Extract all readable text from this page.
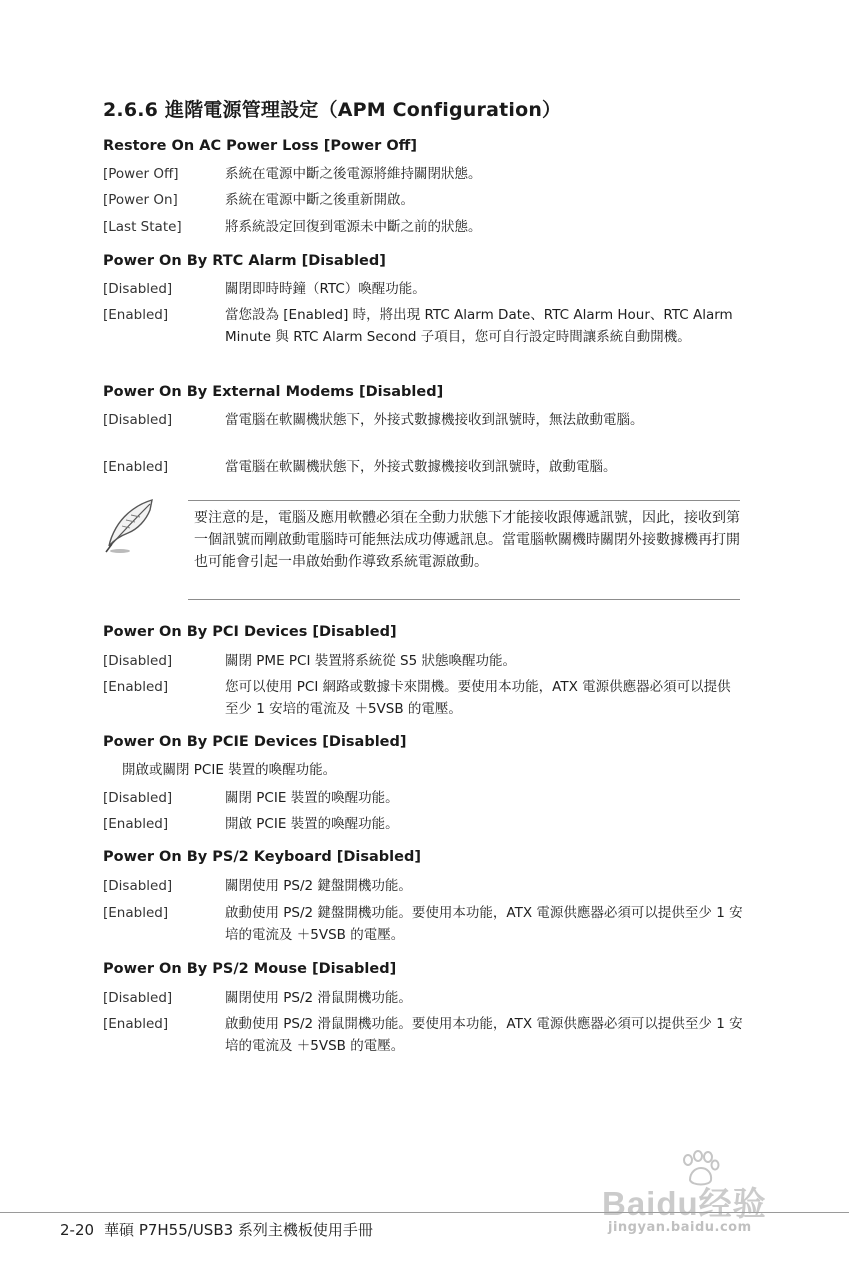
2.6.6 進階電源管理設定（APM Configuration）
Restore On AC Power Loss [Power Off]
[Power Off]	系統在電源中斷之後電源將維持關閉狀態。
[Power On]	系統在電源中斷之後重新開啟。
[Last State]	將系統設定回復到電源未中斷之前的狀態。
Power On By RTC Alarm [Disabled]
[Disabled]	關閉即時時鐘（RTC）喚醒功能。
[Enabled]	當您設為 [Enabled] 時，將出現 RTC Alarm Date、RTC Alarm Hour、RTC Alarm Minute 與 RTC Alarm Second 子項目，您可自行設定時間讓系統自動開機。
Power On By External Modems [Disabled]
[Disabled]	當電腦在軟關機狀態下，外接式數據機接收到訊號時，無法啟動電腦。
[Enabled]	當電腦在軟關機狀態下，外接式數據機接收到訊號時，啟動電腦。
要注意的是，電腦及應用軟體必須在全動力狀態下才能接收跟傳遞訊號，因此，接收到第一個訊號而剛啟動電腦時可能無法成功傳遞訊息。當電腦軟關機時關閉外接數據機再打開也可能會引起一串啟始動作導致系統電源啟動。
Power On By PCI Devices [Disabled]
[Disabled]	關閉 PME PCI 裝置將系統從 S5 狀態喚醒功能。
[Enabled]	您可以使用 PCI 網路或數據卡來開機。要使用本功能，ATX 電源供應器必須可以提供至少 1 安培的電流及 ＋5VSB 的電壓。
Power On By PCIE Devices [Disabled]
開啟或關閉 PCIE 裝置的喚醒功能。
[Disabled]	關閉 PCIE 裝置的喚醒功能。
[Enabled]	開啟 PCIE 裝置的喚醒功能。
Power On By PS/2 Keyboard [Disabled]
[Disabled]	關閉使用 PS/2 鍵盤開機功能。
[Enabled]	啟動使用 PS/2 鍵盤開機功能。要使用本功能，ATX 電源供應器必須可以提供至少 1 安培的電流及 ＋5VSB 的電壓。
Power On By PS/2 Mouse [Disabled]
[Disabled]	關閉使用 PS/2 滑鼠開機功能。
[Enabled]	啟動使用 PS/2 滑鼠開機功能。要使用本功能，ATX 電源供應器必須可以提供至少 1 安培的電流及 ＋5VSB 的電壓。
2-20 華碩 P7H55/USB3 系列主機板使用手冊
Baidu经验
jingyan.baidu.com
